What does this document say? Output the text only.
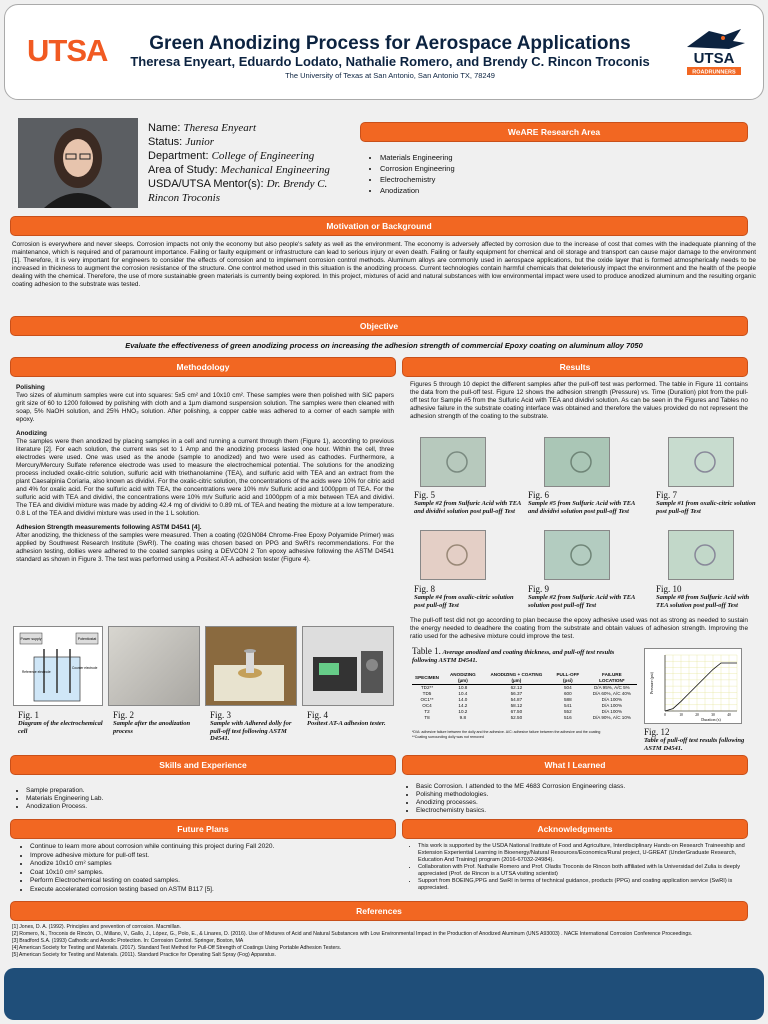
UTSA	Green Anodizing Process for Aerospace Applications
Theresa Enyeart, Eduardo Lodato, Nathalie Romero, and Brendy C. Rincon Troconis
The University of Texas at San Antonio, San Antonio TX, 78249
UTSA
ROADRUNNERS
Name: Theresa Enyeart
Status: Junior
Department: College of Engineering
Area of Study: Mechanical Engineering
USDA/UTSA Mentor(s): Dr. Brendy C. Rincon Troconis
WeARE Research Area
• Materials Engineering
• Corrosion Engineering
• Electrochemistry
• Anodization
Motivation or Background
Corrosion is everywhere and never sleeps. Corrosion impacts not only the economy but also people's safety as well as the environment. The economy is adversely affected by corrosion due to the increase of cost that comes with the inadequate planning of the maintenance, which is required and of paramount importance. Failing or faulty equipment or infrastructure can lead to serious injury or even death. Failing or faulty equipment for chemical and oil storage and transport can cause major damage to the environment [1]. Therefore, it is very important for engineers to consider the effects of corrosion and to implement corrosion control methods. Aluminum alloys are commonly used in aerospace applications, but the oxide layer that is formed atmospherically needs to be increased in thickness to augment the corrosion resistance of the structure. One control method used in this situation is the anodizing process. Current technologies contain harmful chemicals that deleteriously impact the environment and the health of the people dealing with the chemical. Therefore, the use of more sustainable green materials is currently being explored. In this project, mixtures of acid and natural substances with low environmental impact were used to produce anodized aluminum and the resulting organic coating adhesion to the substrate was tested.
Objective
Evaluate the effectiveness of green anodizing process on increasing the adhesion strength of commercial Epoxy coating on aluminum alloy 7050
Methodology
Polishing
Two sizes of aluminum samples were cut into squares: 5x5 cm² and 10x10 cm². These samples were then polished with SiC papers grit size of 60 to 1200 followed by polishing with cloth and a 1µm diamond suspension solution. The samples were then cleaned with soap, 5% NaOH solution, and 25% HNO₃ solution. After polishing, a copper cable was adhered to a corner of each sample with epoxy.
Anodizing
The samples were then anodized by placing samples in a cell and running a current through them (Figure 1), according to previous literature [2]. For each solution, the current was set to 1 Amp and the anodizing process lasted one hour. Within the cell, three electrodes were used. One was used as the anode (sample to anodized) and two were used as cathodes. Furthermore, a Mercury/Mercury Sulfate reference electrode was used to measure the electrochemical potential. The solutions for the anodizing process included oxalic-citric solution, sulfuric acid with triethanolamine (TEA), and sulfuric acid with TEA and an extract from the plant Caesalpinia Coriaria, also known as dividivi. For the oxalic-citric solution, the concentrations of the acids were 10% for citric acid and 4% for oxalic acid. For the sulfuric acid with TEA, the concentrations were 10% m/v Sulfuric acid and 1000ppm of TEA. For the sulfuric acid with TEA and dividivi, the concentrations were 10% m/v Sulfuric acid and 1000ppm of a mix between TEA and dividivi. The TEA and dividivi mixture was made by adding 42.4 mg of dividivi to 0.89 mL of TEA and heating the mixture at a low temperature. 0.8 L of the TEA and dividivi mixture was used in the 1 L solution.
Adhesion Strength measurements following ASTM D4541 [4].
After anodizing, the thickness of the samples were measured. Then a coating (02GN084 Chrome-Free Epoxy Polyamide Primer) was applied by Southwest Research Institute (SwRI). The coating was chosen based on PPG and SwRI's recommendations. For the adhesion testing, dollies were adhered to the coated samples using a DEVCON 2 Ton epoxy adhesive following the ASTM D4541 standard as shown in Figure 3. The test was performed using a Positest AT-A adhesion tester (Figure 4).
Power supply	Potentiostat
Reference electrode
Counter electrode
Fig. 1
Diagram of the electrochemical cell
Fig. 2
Sample after the anodization process
Fig. 3
Sample with Adhered dolly for pull-off test following ASTM D4541.
Fig. 4
Positest AT-A adhesion tester.
Results
Figures 5 through 10 depict the different samples after the pull-off test was performed. The table in Figure 11 contains the data from the pull-off test. Figure 12 shows the adhesion strength (Pressure) vs. Time (Duration) plot from the pull-off test for Sample #5 from the Sulfuric Acid with TEA and dividivi solution. As can be seen in the Figures and Tables no adhesive failure in the substrate coating interface was obtained and therefore the values provided do not represent the adhesion strength of the coating to the substrate.
Fig. 5
Sample #2 from Sulfuric Acid with TEA and dividivi solution post pull-off Test
Fig. 6
Sample #5 from Sulfuric Acid with TEA and dividivi solution post pull-off Test
Fig. 7
Sample #1 from oxalic-citric solution post pull-off Test
Fig. 8
Sample #4 from oxalic-citric solution post pull-off Test
Fig. 9
Sample #2 from Sulfuric Acid with TEA solution post pull-off Test
Fig. 10
Sample #8 from Sulfuric Acid with TEA solution post pull-off Test
The pull-off test did not go according to plan because the epoxy adhesive used was not as strong as needed to sustain the energy needed to deadhere the coating from the substrate and obtain values of adhesion strength. Improving the ratio used for the adhesive mixture could improve the test.
Table 1. Average anodized and coating thickness, and pull-off test results following ASTM D4541.
SPECIMEN	ANODIZING (µm)	ANODIZING + COATING (µm)	PULL-OFF (psi)	FAILURE LOCATION*
TD2**	10.8	62.12	504	D/A 95%, A/C 5%
TD5	10.4	56.37	600	D/A 60%, A/C 40%
OC1**	14.0	54.87	588	D/A 100%
OC4	14.2	58.12	541	D/A 100%
T2	10.2	67.50	552	D/A 100%
T8	9.8	52.50	516	D/A 90%, A/C 10%
*D/A: adhesive failure between the dolly and the adhesive. A/C: adhesive failure between the adhesive and the coating
**Coating surrounding dolly was not removed
0	10	20	30	40
Duration (s)
Pressure (psi)
Fig. 12
Table of pull-off test results following ASTM D4541.
Skills and Experience
• Sample preparation.
• Materials Engineering Lab.
• Anodization Process.
What I Learned
• Basic Corrosion. I attended to the ME 4683 Corrosion Engineering class.
• Polishing methodologies.
• Anodizing processes.
• Electrochemistry basics.
Future Plans
• Continue to learn more about corrosion while continuing this project during Fall 2020.
• Improve adhesive mixture for pull-off test.
• Anodize 10x10 cm² samples
• Coat 10x10 cm² samples.
• Perform Electrochemical testing on coated samples.
• Execute accelerated corrosion testing based on ASTM B117 [5].
Acknowledgments
• This work is supported by the USDA National Institute of Food and Agriculture, Interdisciplinary Hands-on Research Traineeship and Extension Experiential Learning in Bioenergy/Natural Resources/Economics/Rural project, U-GREAT (UnderGraduate Research, Education And Training) program (2016-67032-24984).
• Collaboration with Prof. Nathalie Romero and Prof. Oladis Troconis de Rincon both affiliated with la Universidad del Zulia is deeply appreciated (Prof. de Rincon is a UTSA visiting scientist)
• Support from BOEING,PPG and SwRI in terms of technical guidance, products (PPG) and coating application service (SwRI) is appreciated.
References
[1] Jones, D. A. (1992). Principles and prevention of corrosion. Macmillan.
[2] Romero, N., Troconis de Rincón, O., Millano, V., Gallo, J., López, G., Polo, E., & Linares, D. (2016). Use of Mixtures of Acid and Natural Substances with Low Environmental Impact in the Production of Anodized Aluminum (UNS A93003) . NACE International Corrosion Conference Proceedings.
[3] Bradford S.A. (1993) Cathodic and Anodic Protection. In: Corrosion Control. Springer, Boston, MA
[4] American Society for Testing and Materials. (2017). Standard Test Method for Pull-Off Strength of Coatings Using Portable Adhesion Testers.
[5] American Society for Testing and Materials. (2011). Standard Practice for Operating Salt Spray (Fog) Apparatus.
